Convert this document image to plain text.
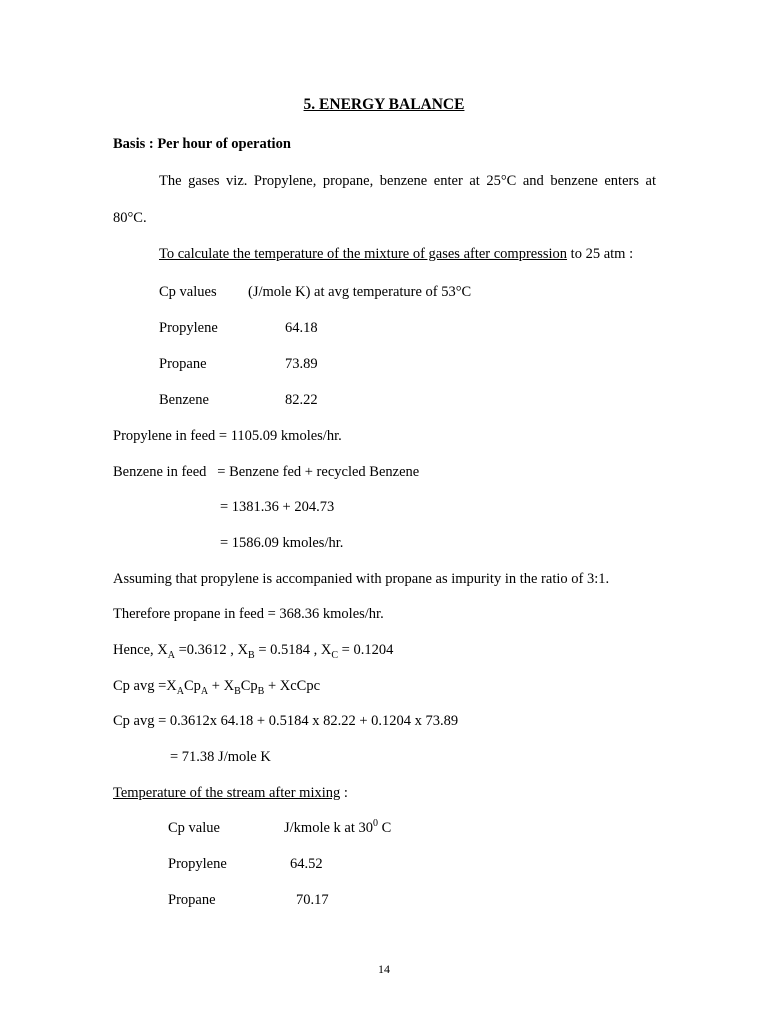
5. ENERGY BALANCE
Basis : Per hour of operation
The gases viz. Propylene, propane, benzene enter at 25°C and benzene enters at
80°C.
To calculate the temperature of the mixture of gases after compression to 25 atm :
Cp values (J/mole K) at avg temperature of 53°C
Propylene	64.18
Propane	73.89
Benzene	82.22
Propylene in feed = 1105.09 kmoles/hr.
Benzene in feed   = Benzene fed + recycled Benzene
= 1381.36 + 204.73
= 1586.09 kmoles/hr.
Assuming that propylene is accompanied with propane as impurity in the ratio of 3:1.
Therefore propane in feed = 368.36 kmoles/hr.
Hence, $X_A =0.3612$ , $X_B = 0.5184$ , $X_C = 0.1204$
Cp avg $=X_ACp_A + X_BCp_B$ + XcCpc
Cp avg = 0.3612x 64.18 + 0.5184 x 82.22 + 0.1204 x 73.89
= 71.38 J/mole K
Temperature of the stream after mixing :
Cp value	J/kmole k at $30^0$ C
Propylene	64.52
Propane	70.17
14
